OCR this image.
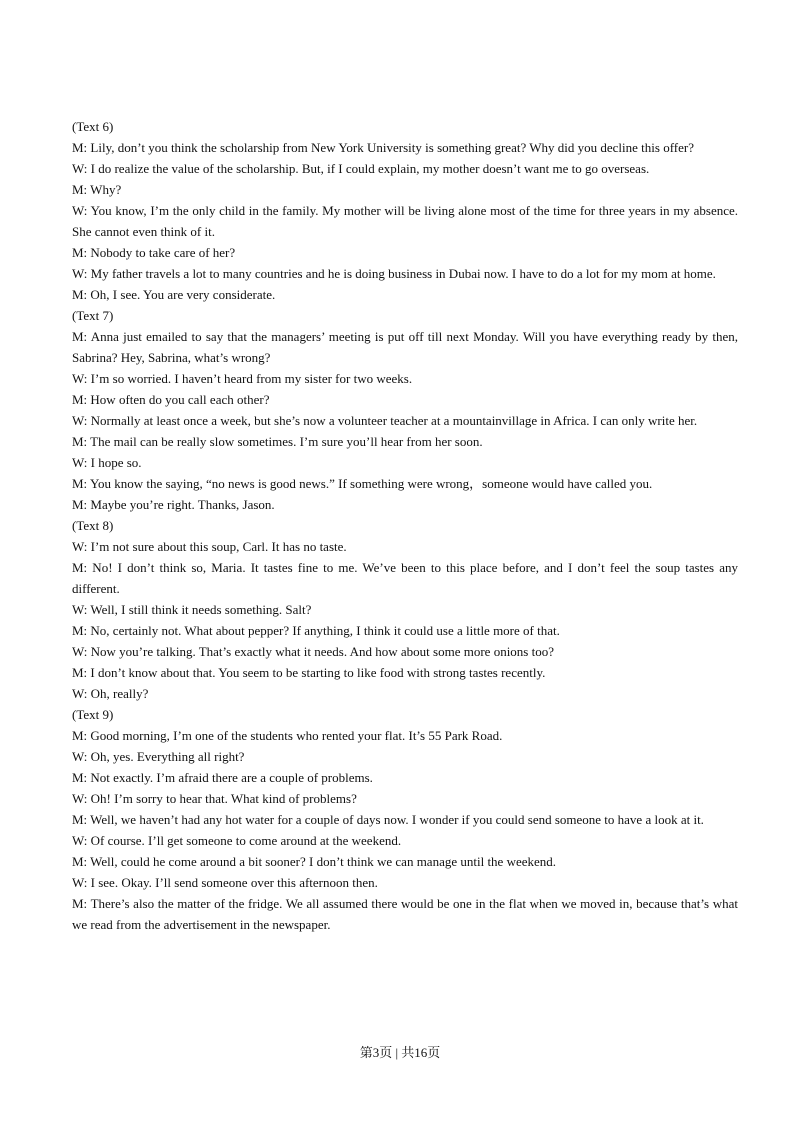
(Text 6)

M: Lily, don’t you think the scholarship from New York University is something great? Why did you decline this offer?

W: I do realize the value of the scholarship. But, if I could explain, my mother doesn’t want me to go overseas.

M: Why?

W: You know, I’m the only child in the family. My mother will be living alone most of the time for three years in my absence. She cannot even think of it.

M: Nobody to take care of her?

W: My father travels a lot to many countries and he is doing business in Dubai now. I have to do a lot for my mom at home.

M: Oh, I see. You are very considerate.

(Text 7)

M: Anna just emailed to say that the managers’ meeting is put off till next Monday. Will you have everything ready by then, Sabrina? Hey, Sabrina, what’s wrong?

W: I’m so worried. I haven’t heard from my sister for two weeks.

M: How often do you call each other?

W: Normally at least once a week, but she’s now a volunteer teacher at a mountainvillage in Africa. I can only write her.

M: The mail can be really slow sometimes. I’m sure you’ll hear from her soon.

W: I hope so.

M: You know the saying, “no news is good news.” If something were wrong，someone would have called you.

M: Maybe you’re right. Thanks, Jason.

(Text 8)

W: I’m not sure about this soup, Carl. It has no taste.

M: No! I don’t think so, Maria. It tastes fine to me. We’ve been to this place before, and I don’t feel the soup tastes any different.

W: Well, I still think it needs something. Salt?

M: No, certainly not. What about pepper? If anything, I think it could use a little more of that.

W: Now you’re talking. That’s exactly what it needs. And how about some more onions too?

M: I don’t know about that. You seem to be starting to like food with strong tastes recently.

W: Oh, really?

(Text 9)

M: Good morning, I’m one of the students who rented your flat. It’s 55 Park Road.

W: Oh, yes. Everything all right?

M: Not exactly. I’m afraid there are a couple of problems.

W: Oh! I’m sorry to hear that. What kind of problems?

M: Well, we haven’t had any hot water for a couple of days now. I wonder if you could send someone to have a look at it.

W: Of course. I’ll get someone to come around at the weekend.

M: Well, could he come around a bit sooner? I don’t think we can manage until the weekend.

W: I see. Okay. I’ll send someone over this afternoon then.

M: There’s also the matter of the fridge. We all assumed there would be one in the flat when we moved in, because that’s what we read from the advertisement in the newspaper.

第3页 | 共16页
